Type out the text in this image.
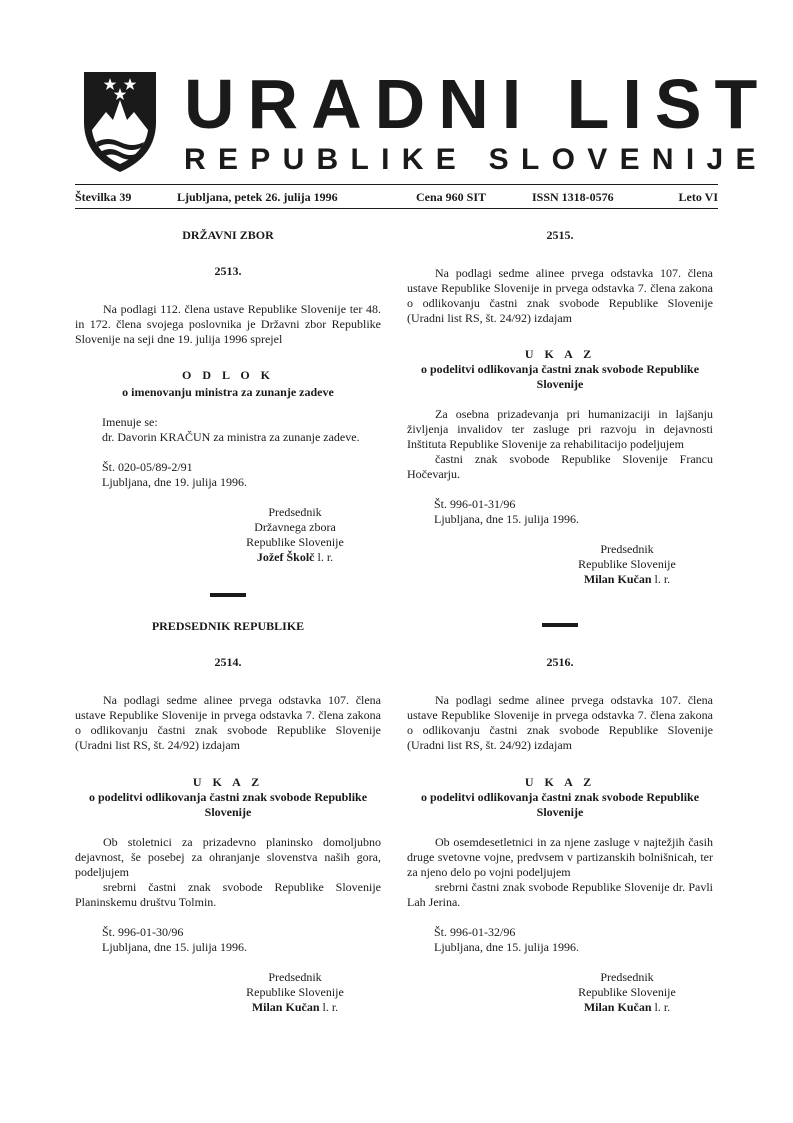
URADNI LIST
REPUBLIKE SLOVENIJE
Številka 39	Ljubljana, petek 26. julija 1996	Cena 960 SIT	ISSN 1318-0576	Leto VI
DRŽAVNI ZBOR
2513.

Na podlagi 112. člena ustave Republike Slovenije ter 48. in 172. člena svojega poslovnika je Državni zbor Republike Slovenije na seji dne 19. julija 1996 sprejel

O D L O K
o imenovanju ministra za zunanje zadeve
Imenuje se:
dr. Davorin KRAČUN za ministra za zunanje zadeve.
Št. 020-05/89-2/91
Ljubljana, dne 19. julija 1996.
Predsednik
Državnega zbora
Republike Slovenije
Jožef Školč l. r.
PREDSEDNIK REPUBLIKE
2514.

Na podlagi sedme alinee prvega odstavka 107. člena ustave Republike Slovenije in prvega odstavka 7. člena zakona o odlikovanju častni znak svobode Republike Slovenije (Uradni list RS, št. 24/92) izdajam

U K A Z
o podelitvi odlikovanja častni znak svobode Republike Slovenije

Ob stoletnici za prizadevno planinsko domoljubno dejavnost, še posebej za ohranjanje slovenstva naših gora, podeljujem

srebrni častni znak svobode Republike Slovenije Planinskemu društvu Tolmin.

Št. 996-01-30/96
Ljubljana, dne 15. julija 1996.
Predsednik
Republike Slovenije
Milan Kučan l. r.
2515.

Na podlagi sedme alinee prvega odstavka 107. člena ustave Republike Slovenije in prvega odstavka 7. člena zakona o odlikovanju častni znak svobode Republike Slovenije (Uradni list RS, št. 24/92) izdajam

U K A Z
o podelitvi odlikovanja častni znak svobode Republike Slovenije

Za osebna prizadevanja pri humanizaciji in lajšanju življenja invalidov ter zasluge pri razvoju in dejavnosti Inštituta Republike Slovenije za rehabilitacijo podeljujem

častni znak svobode Republike Slovenije Francu Hočevarju.

Št. 996-01-31/96
Ljubljana, dne 15. julija 1996.
Predsednik
Republike Slovenije
Milan Kučan l. r.
2516.

Na podlagi sedme alinee prvega odstavka 107. člena ustave Republike Slovenije in prvega odstavka 7. člena zakona o odlikovanju častni znak svobode Republike Slovenije (Uradni list RS, št. 24/92) izdajam

U K A Z
o podelitvi odlikovanja častni znak svobode Republike Slovenije

Ob osemdesetletnici in za njene zasluge v najtežjih časih druge svetovne vojne, predvsem v partizanskih bolnišnicah, ter za njeno delo po vojni podeljujem

srebrni častni znak svobode Republike Slovenije dr. Pavli Lah Jerina.

Št. 996-01-32/96
Ljubljana, dne 15. julija 1996.
Predsednik
Republike Slovenije
Milan Kučan l. r.
